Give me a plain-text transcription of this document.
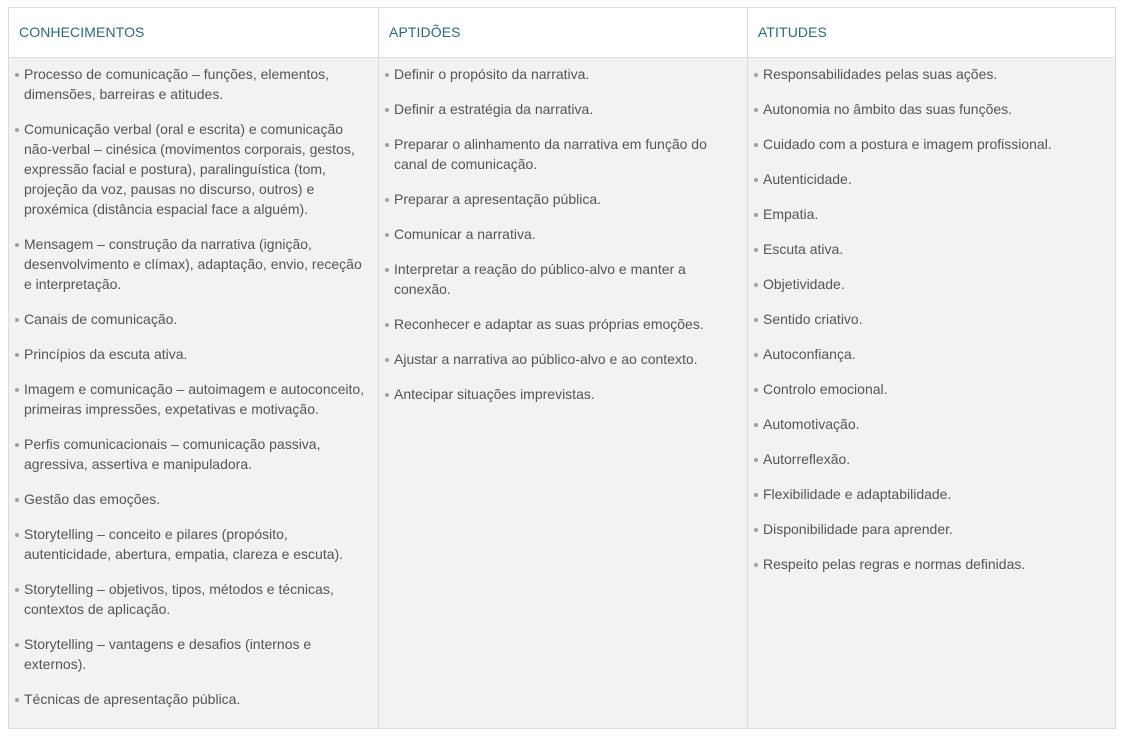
CONHECIMENTOS
Processo de comunicação – funções, elementos, dimensões, barreiras e atitudes.
Comunicação verbal (oral e escrita) e comunicação não-verbal – cinésica (movimentos corporais, gestos, expressão facial e postura), paralinguística (tom, projeção da voz, pausas no discurso, outros) e proxémica (distância espacial face a alguém).
Mensagem – construção da narrativa (ignição, desenvolvimento e clímax), adaptação, envio, receção e interpretação.
Canais de comunicação.
Princípios da escuta ativa.
Imagem e comunicação – autoimagem e autoconceito, primeiras impressões, expetativas e motivação.
Perfis comunicacionais – comunicação passiva, agressiva, assertiva e manipuladora.
Gestão das emoções.
Storytelling – conceito e pilares (propósito, autenticidade, abertura, empatia, clareza e escuta).
Storytelling – objetivos, tipos, métodos e técnicas, contextos de aplicação.
Storytelling – vantagens e desafios (internos e externos).
Técnicas de apresentação pública.
APTIDÕES
Definir o propósito da narrativa.
Definir a estratégia da narrativa.
Preparar o alinhamento da narrativa em função do canal de comunicação.
Preparar a apresentação pública.
Comunicar a narrativa.
Interpretar a reação do público-alvo e manter a conexão.
Reconhecer e adaptar as suas próprias emoções.
Ajustar a narrativa ao público-alvo e ao contexto.
Antecipar situações imprevistas.
ATITUDES
Responsabilidades pelas suas ações.
Autonomia no âmbito das suas funções.
Cuidado com a postura e imagem profissional.
Autenticidade.
Empatia.
Escuta ativa.
Objetividade.
Sentido criativo.
Autoconfiança.
Controlo emocional.
Automotivação.
Autorreflexão.
Flexibilidade e adaptabilidade.
Disponibilidade para aprender.
Respeito pelas regras e normas definidas.
